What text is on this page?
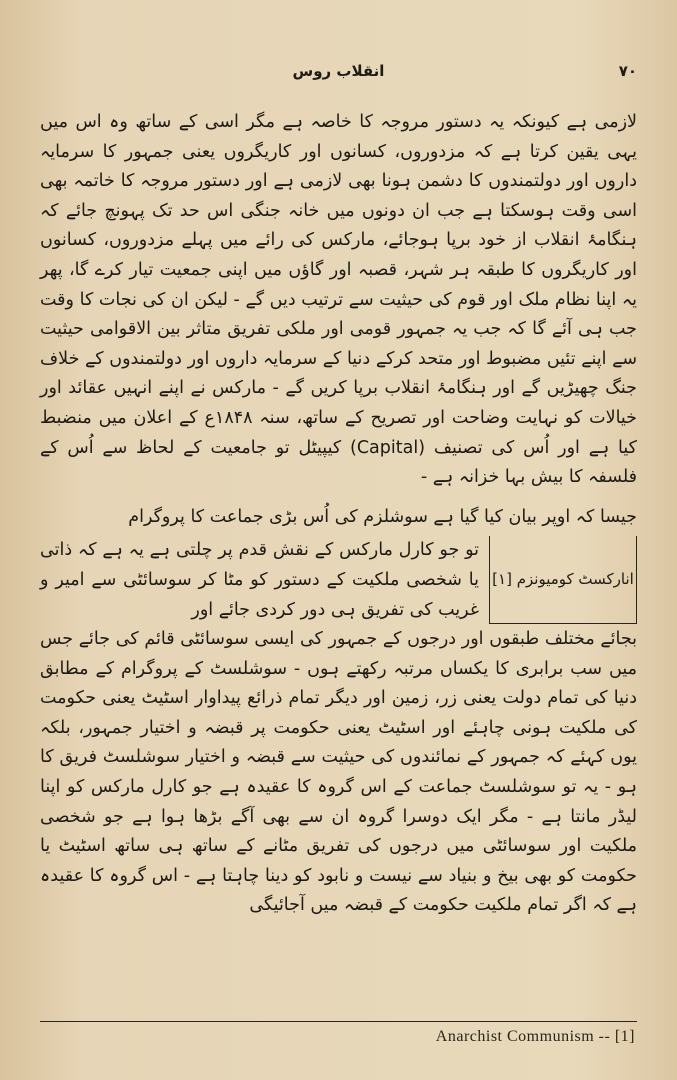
۷۰
انقلاب روس

لازمی ہے کیونکہ یہ دستور مروجہ کا خاصہ ہے مگر اسی کے ساتھ وہ اس میں یہی یقین کرتا ہے کہ مزدوروں، کسانوں اور کاریگروں یعنی جمہور کا سرمایہ داروں اور دولتمندوں کا دشمن ہونا بھی لازمی ہے اور دستور مروجہ کا خاتمہ بھی اسی وقت ہوسکتا ہے جب ان دونوں میں خانہ جنگی اس حد تک پہونچ جائے کہ ہنگامۂ انقلاب از خود برپا ہوجائے، مارکس کی رائے میں پہلے مزدوروں، کسانوں اور کاریگروں کا طبقہ ہر شہر، قصبہ اور گاؤں میں اپنی جمعیت تیار کرے گا، پھر یہ اپنا نظام ملک اور قوم کی حیثیت سے ترتیب دیں گے - لیکن ان کی نجات کا وقت جب ہی آئے گا کہ جب یہ جمہور قومی اور ملکی تفریق متاثر بین الاقوامی حیثیت سے اپنے تئیں مضبوط اور متحد کرکے دنیا کے سرمایہ داروں اور دولتمندوں کے خلاف جنگ چھیڑیں گے اور ہنگامۂ انقلاب برپا کریں گے - مارکس نے اپنے انہیں عقائد اور خیالات کو نہایت وضاحت اور تصریح کے ساتھ، سنہ ۱۸۴۸ع کے اعلان میں منضبط کیا ہے اور اُس کی تصنیف (Capital) کیپیٹل تو جامعیت کے لحاظ سے اُس کے فلسفہ کا بیش بہا خزانہ ہے -

جیسا کہ اوپر بیان کیا گیا ہے سوشلزم کی اُس بڑی جماعت کا پروگرام

انارکسٹ کومیونزم [۱]

تو جو کارل مارکس کے نقش قدم پر چلتی ہے یہ ہے کہ ذاتی یا شخصی ملکیت کے دستور کو مٹا کر سوسائٹی سے امیر و غریب کی تفریق ہی دور کردی جائے اور

بجائے مختلف طبقوں اور درجوں کے جمہور کی ایسی سوسائٹی قائم کی جائے جس میں سب برابری کا یکساں مرتبہ رکھتے ہوں - سوشلسٹ کے پروگرام کے مطابق دنیا کی تمام دولت یعنی زر، زمین اور دیگر تمام ذرائع پیداوار اسٹیٹ یعنی حکومت کی ملکیت ہونی چاہئے اور اسٹیٹ یعنی حکومت پر قبضہ و اختیار جمہور، بلکہ یوں کہئے کہ جمہور کے نمائندوں کی حیثیت سے قبضہ و اختیار سوشلسٹ فریق کا ہو - یہ تو سوشلسٹ جماعت کے اس گروہ کا عقیدہ ہے جو کارل مارکس کو اپنا لیڈر مانتا ہے - مگر ایک دوسرا گروہ ان سے بھی آگے بڑھا ہوا ہے جو شخصی ملکیت اور سوسائٹی میں درجوں کی تفریق مٹانے کے ساتھ ہی ساتھ اسٹیٹ یا حکومت کو بھی بیخ و بنیاد سے نیست و نابود کو دینا چاہتا ہے - اس گروہ کا عقیدہ ہے کہ اگر تمام ملکیت حکومت کے قبضہ میں آجائیگی

Anarchist Communism -- [1]
